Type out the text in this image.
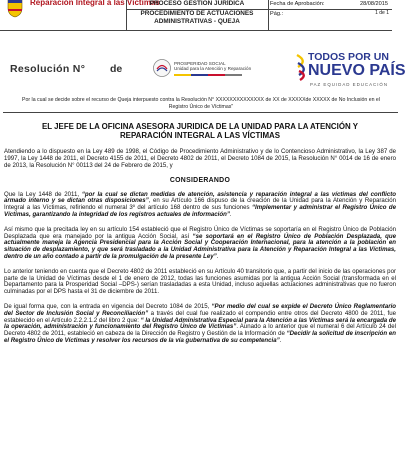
Reparación Integral a las Víctimas
PROCESO GESTIÓN JURÍDICA
PROCEDIMIENTO DE ACTUACIONES ADMINISTRATIVAS - QUEJA
Fecha de Aprobación:	28/08/2015
Pág.:	1 de 1
Resolución N° de	PROSPERIDAD SOCIAL
Unidad para la Atención y Reparación
TODOS POR UN
NUEVO PAÍS
PAZ EQUIDAD EDUCACIÓN
Por la cual se decide sobre el recurso de Queja interpuesto contra la Resolución N° XXXXXXXXXXXXXX de XX de XXXXXde XXXXX de No Inclusión en el Registro Único de Víctimas"
EL JEFE DE LA OFICINA ASESORA JURIDICA DE LA UNIDAD PARA LA ATENCIÓN Y REPARACIÓN INTEGRAL A LAS VÍCTIMAS
Atendiendo a lo dispuesto en la Ley 489 de 1998, el Código de Procedimiento Administrativo y de lo Contencioso Administrativo, la Ley 387 de 1997, la Ley 1448 de 2011, el Decreto 4155 de 2011, el Decreto 4802 de 2011, el Decreto 1084 de 2015, la Resolución N° 0014 de 16 de enero de 2013, la Resolución N° 00113 del 24 de Febrero de 2015, y
CONSIDERANDO
Que la Ley 1448 de 2011, “por la cual se dictan medidas de atención, asistencia y reparación integral a las víctimas del conflicto armado interno y se dictan otras disposiciones”, en su Artículo 166 dispuso de la creación de la Unidad para la Atención y Reparación Integral a las Víctimas, refiriendo el numeral 3º del artículo 168 dentro de sus funciones “Implementar y administrar el Registro Único de Víctimas, garantizando la integridad de los registros actuales de información”.
Así mismo que la precitada ley en su artículo 154 estableció que el Registro Único de Víctimas se soportaría en el Registro Único de Población Desplazada que era manejado por la antigua Acción Social, así “se soportará en el Registro Único de Población Desplazada, que actualmente maneja la Agencia Presidencial para la Acción Social y Cooperación Internacional, para la atención a la población en situación de desplazamiento, y que será trasladado a la Unidad Administrativa para la Atención y Reparación Integral a las Víctimas, dentro de un año contado a partir de la promulgación de la presente Ley”.
Lo anterior teniendo en cuenta que el Decreto 4802 de 2011 estableció en su Artículo 40 transitorio que, a partir del inicio de las operaciones por parte de la Unidad de Víctimas desde el 1 de enero de 2012, todas las funciones asumidas por la antigua Acción Social (transformada en el Departamento para la Prosperidad Social –DPS-) serían trasladadas a esta Unidad, incluso aquellas actuaciones administrativas que no fueron culminadas por el DPS hasta el 31 de diciembre de 2011.
De igual forma que, con la entrada en vigencia del Decreto 1084 de 2015, “Por medio del cual se expide el Decreto Único Reglamentario del Sector de Inclusión Social y Reconciliación” a través del cual fue realizado el compendio entre otros del Decreto 4800 de 2011, fue establecido en el Artículo 2.2.2.1.2 del libro 2 que: “ la Unidad Administrativa Especial para la Atención a las Víctimas será la encargada de la operación, administración y funcionamiento del Registro Único de Víctimas”. Aunado a lo anterior que el numeral 6 del Artículo 24 del Decreto 4802 de 2011, estableció en cabeza de la Dirección de Registro y Gestión de la Información de “Decidir la solicitud de inscripción en el Registro Único de Víctimas y resolver los recursos de la vía gubernativa de su competencia”.
